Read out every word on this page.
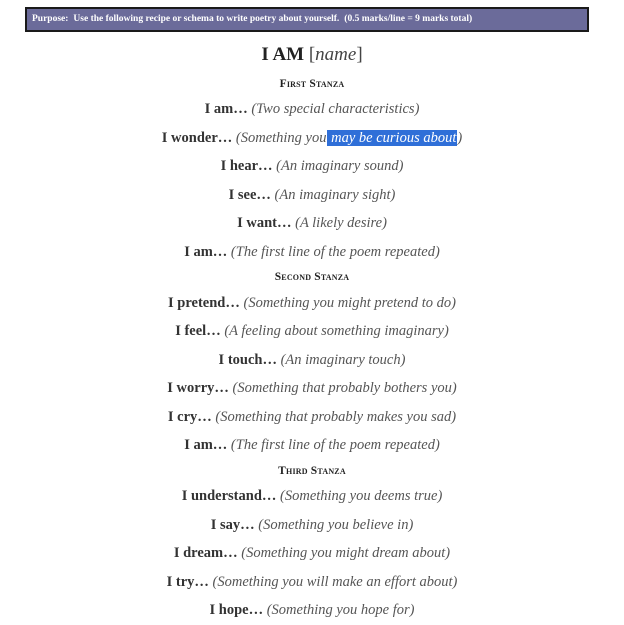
Purpose: Use the following recipe or schema to write poetry about yourself. (0.5 marks/line = 9 marks total)
I AM [name]
First Stanza
I am… (Two special characteristics)
I wonder… (Something you may be curious about)
I hear… (An imaginary sound)
I see… (An imaginary sight)
I want… (A likely desire)
I am… (The first line of the poem repeated)
Second Stanza
I pretend… (Something you might pretend to do)
I feel… (A feeling about something imaginary)
I touch… (An imaginary touch)
I worry… (Something that probably bothers you)
I cry… (Something that probably makes you sad)
I am… (The first line of the poem repeated)
Third Stanza
I understand… (Something you deems true)
I say… (Something you believe in)
I dream… (Something you might dream about)
I try… (Something you will make an effort about)
I hope… (Something you hope for)
